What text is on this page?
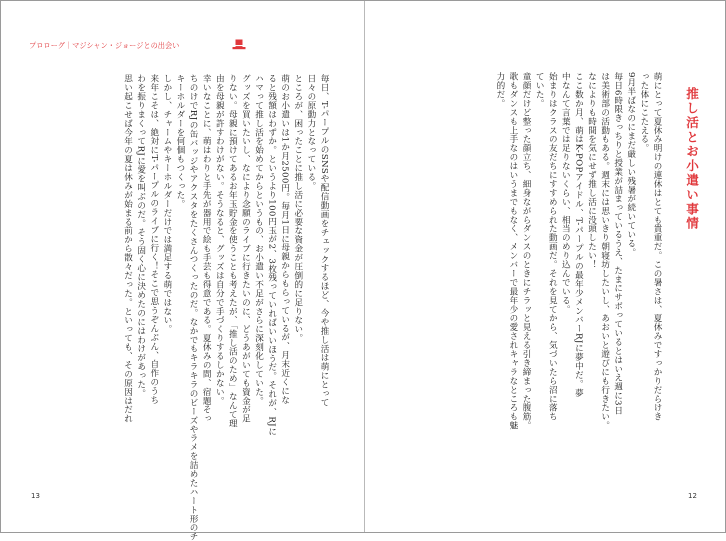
プロローグ｜マジシャン・ジョージとの出会い
毎日、T-パープルのSNSや配信動画をチェックするほど、今や推し活は萌にとって
日々の原動力となっている。
ところが、困ったことに推し活に必要な資金が圧倒的に足りない。
萌のお小遣いは1か月2500円。毎月1日に母親からもらっているが、月末近くにな
ると残額はわずか。というより100円玉が2、3枚残っていればいいほうだ。それが、RJに
ハマって推し活を始めてからというもの、お小遣い不足がさらに深刻化していた。
グッズを買いたいし、なにより念願のライブに行きたいのに、どうあがいても資金が足
りない。母親に預けてあるお年玉貯金を使うことも考えたが、「推し活のため」なんて理
由を母親が許すわけがない。そうなると、グッズは自分で手づくりするしかない。
幸いなことに、萌はわりと手先が器用で絵も手芸も得意である。夏休みの間、宿題そっ
ちのけでRJの缶バッジやアクスタをたくさんつくったのだ。なかでもキラキラのビーズやラメを詰めたハート形のチ
キーホルダーを何個もつくった。
しかし、チャームやキーホルダーだけでは満足する萌ではない。
来年こそは、絶対にT-パープルのライブに行く！そこで思うぞんぶん、自作のうち
わを振りまくってRJに愛を叫ぶのだ。そう固く心に決めたのにはわけがあった。
思い起こせば今年の夏は休みが始まる前から散々だった。といっても、その原因はだれ
13
推し活とお小遣い事情
萌にとって夏休み明けの連休はとても貴重だ。この暑さは、夏休みですっかりだらけき
った体にこたえる。
9月半ばなのにまだ厳しい残暑が続いている。
毎日6時限きっちりと授業が詰まっているうえ、たまにサボっているとはいえ週に3日
は美術部の活動もある。週末には思いきり朝寝坊したいし、あおいと遊びにも行きたい。
なによりも時間を気にせず推し活に没頭したい！
ここ数か月、萌はK-POPアイドル、T-パープルの最年少メンバーRJに夢中だ。夢
中なんて言葉では足りないくらい、相当のめり込んでいる。
始まりはクラスの友だちにすすめられた動画だ。それを見てから、気づいたら沼に落ち
ていた。
童顔だけど整った顔立ち、細身ながらダンスのときにチラッと見える引き締まった腹筋。
歌もダンスも上手なのはいうまでもなく、メンバーで最年少の愛されキャラなところも魅
力的だ。
12
